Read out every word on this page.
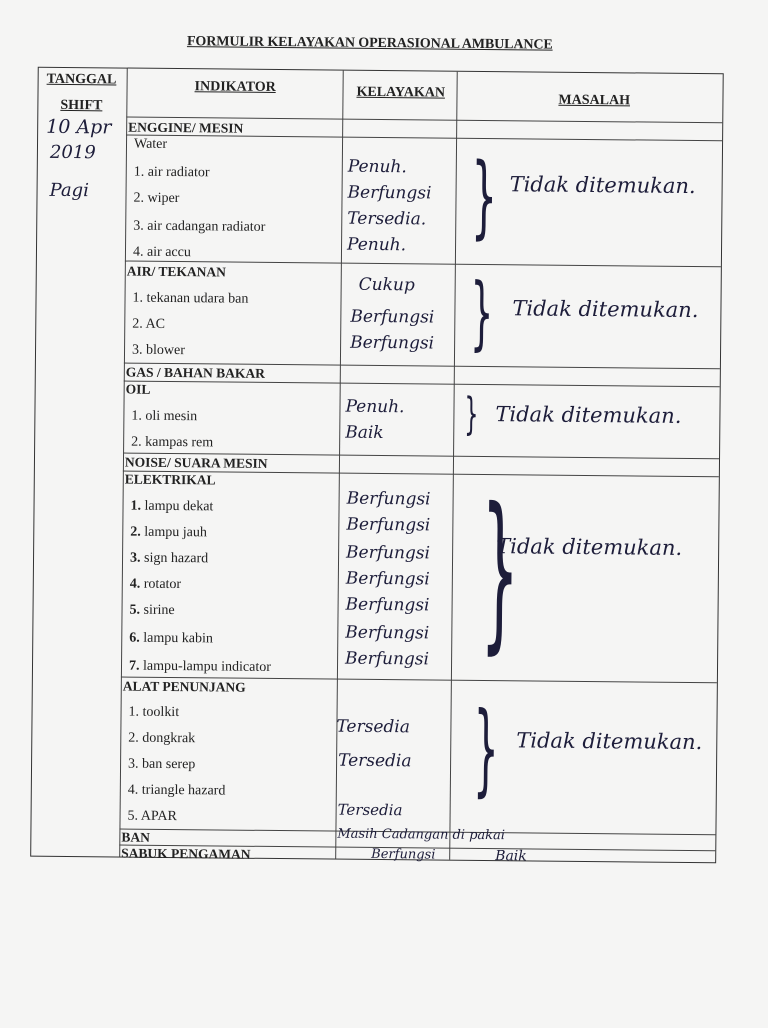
FORMULIR KELAYAKAN OPERASIONAL AMBULANCE
TANGGAL
SHIFT
INDIKATOR	KELAYAKAN	MASALAH
10 Apr
2019
Pagi
ENGGINE/ MESIN
Water
1. air radiator
2. wiper
3. air cadangan radiator
4. air accu
AIR/ TEKANAN
1. tekanan udara ban
2. AC
3. blower
GAS / BAHAN BAKAR
OIL
1. oli mesin
2. kampas rem
NOISE/ SUARA MESIN
ELEKTRIKAL
1. lampu dekat
2. lampu jauh
3. sign hazard
4. rotator
5. sirine
6. lampu kabin
7. lampu-lampu indicator
ALAT PENUNJANG
1. toolkit
2. dongkrak
3. ban serep
4. triangle hazard
5. APAR
BAN
SABUK PENGAMAN
Penuh.
Berfungsi
Tersedia.
Penuh.
Cukup
Berfungsi
Berfungsi
Penuh.
Baik
Berfungsi
Berfungsi
Berfungsi
Berfungsi
Berfungsi
Berfungsi
Berfungsi
Tersedia
Tersedia
Tersedia
Masih Cadangan di pakai
Berfungsi
} Tidak ditemukan.
} Tidak ditemukan.
} Tidak ditemukan.
}
Tidak ditemukan.
} Tidak ditemukan.
Baik
